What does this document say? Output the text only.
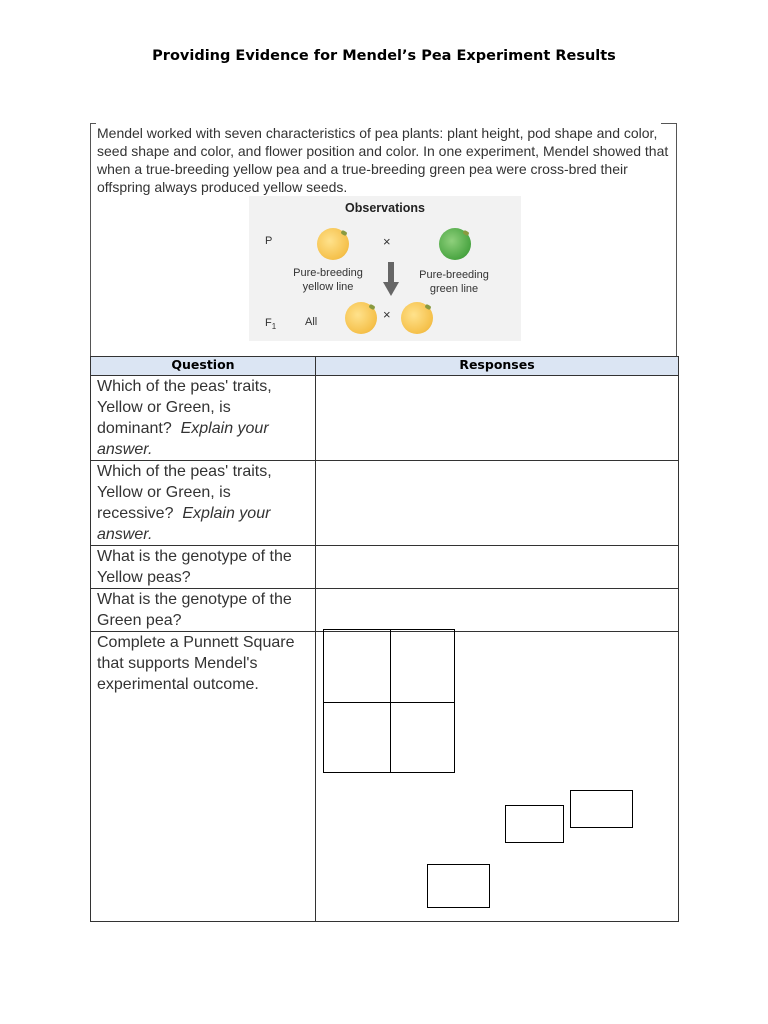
Providing Evidence for Mendel’s Pea Experiment Results
Mendel worked with seven characteristics of pea plants: plant height, pod shape and color, seed shape and color, and flower position and color. In one experiment, Mendel showed that when a true-breeding yellow pea and a true-breeding green pea were cross-bred their offspring always produced yellow seeds.
Observations
P	×
Pure-breeding
yellow line
Pure-breeding
green line
$F_1$	All	×
Question	Responses
Which of the peas' traits, Yellow or Green, is dominant? Explain your answer.	
Which of the peas' traits, Yellow or Green, is recessive? Explain your answer.	
What is the genotype of the Yellow peas?	
What is the genotype of the Green pea?	
Complete a Punnett Square that supports Mendel's experimental outcome.	
